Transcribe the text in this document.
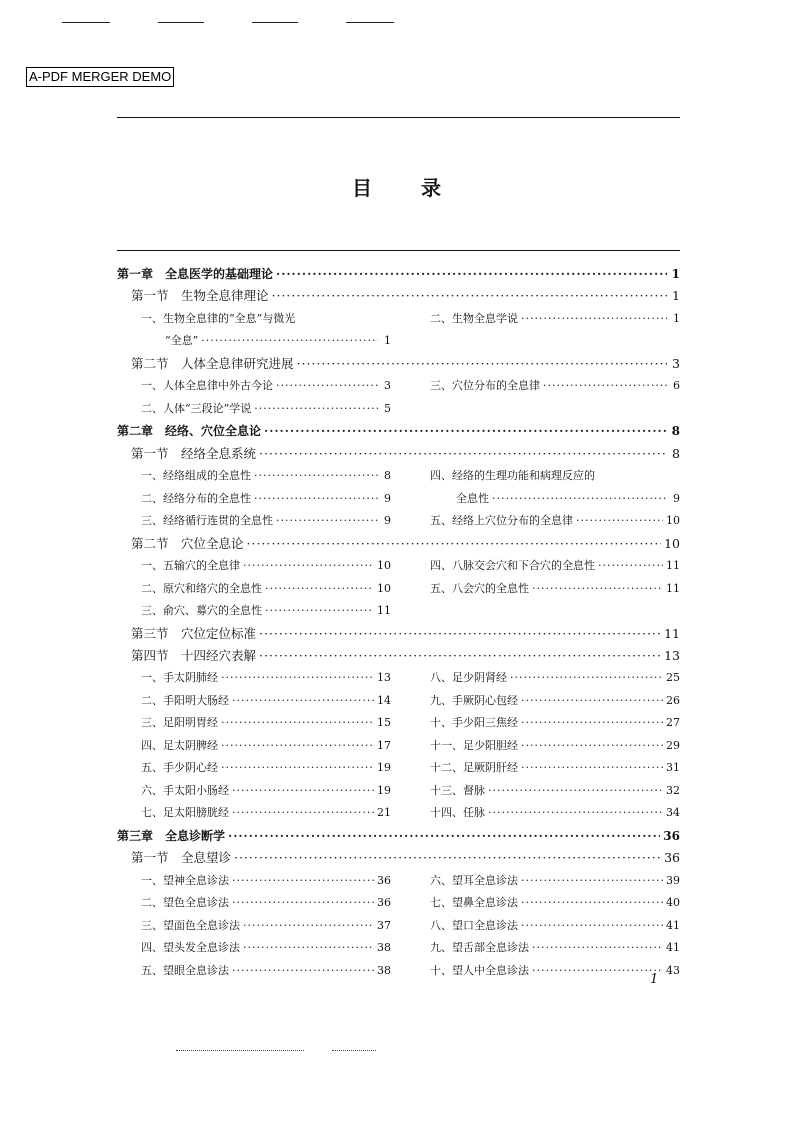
A-PDF MERGER DEMO
目 录
第一章　全息医学的基础理论 ·····	1
第一节　生物全息律理论 ·····	1
一、生物全息律的“全息”与微光	二、生物全息学说 ·····	1
“全息” ·····	1
第二节　人体全息律研究进展 ·····	3
一、人体全息律中外古今论 ·····	3	三、穴位分布的全息律 ·····	6
二、人体“三段论”学说 ·····	5
第二章　经络、穴位全息论 ·····	8
第一节　经络全息系统 ·····	8
一、经络组成的全息性 ·····	8	四、经络的生理功能和病理反应的
二、经络分布的全息性 ·····	9	全息性 ·····	9
三、经络循行连贯的全息性 ·····	9	五、经络上穴位分布的全息律 ·····	10
第二节　穴位全息论 ·····	10
一、五输穴的全息律 ·····	10	四、八脉交会穴和下合穴的全息性 ·····	11
二、原穴和络穴的全息性 ·····	10	五、八会穴的全息性 ·····	11
三、俞穴、募穴的全息性 ·····	11
第三节　穴位定位标准 ·····	11
第四节　十四经穴表解 ·····	13
一、手太阴肺经 ·····	13	八、足少阴肾经 ·····	25
二、手阳明大肠经 ·····	14	九、手厥阴心包经 ·····	26
三、足阳明胃经 ·····	15	十、手少阳三焦经 ·····	27
四、足太阴脾经 ·····	17	十一、足少阳胆经 ·····	29
五、手少阴心经 ·····	19	十二、足厥阴肝经 ·····	31
六、手太阳小肠经 ·····	19	十三、督脉 ·····	32
七、足太阳膀胱经 ·····	21	十四、任脉 ·····	34
第三章　全息诊断学 ·····	36
第一节　全息望诊 ·····	36
一、望神全息诊法 ·····	36	六、望耳全息诊法 ·····	39
二、望色全息诊法 ·····	36	七、望鼻全息诊法 ·····	40
三、望面色全息诊法 ·····	37	八、望口全息诊法 ·····	41
四、望头发全息诊法 ·····	38	九、望舌部全息诊法 ·····	41
五、望眼全息诊法 ·····	38	十、望人中全息诊法 ·····	43
1
